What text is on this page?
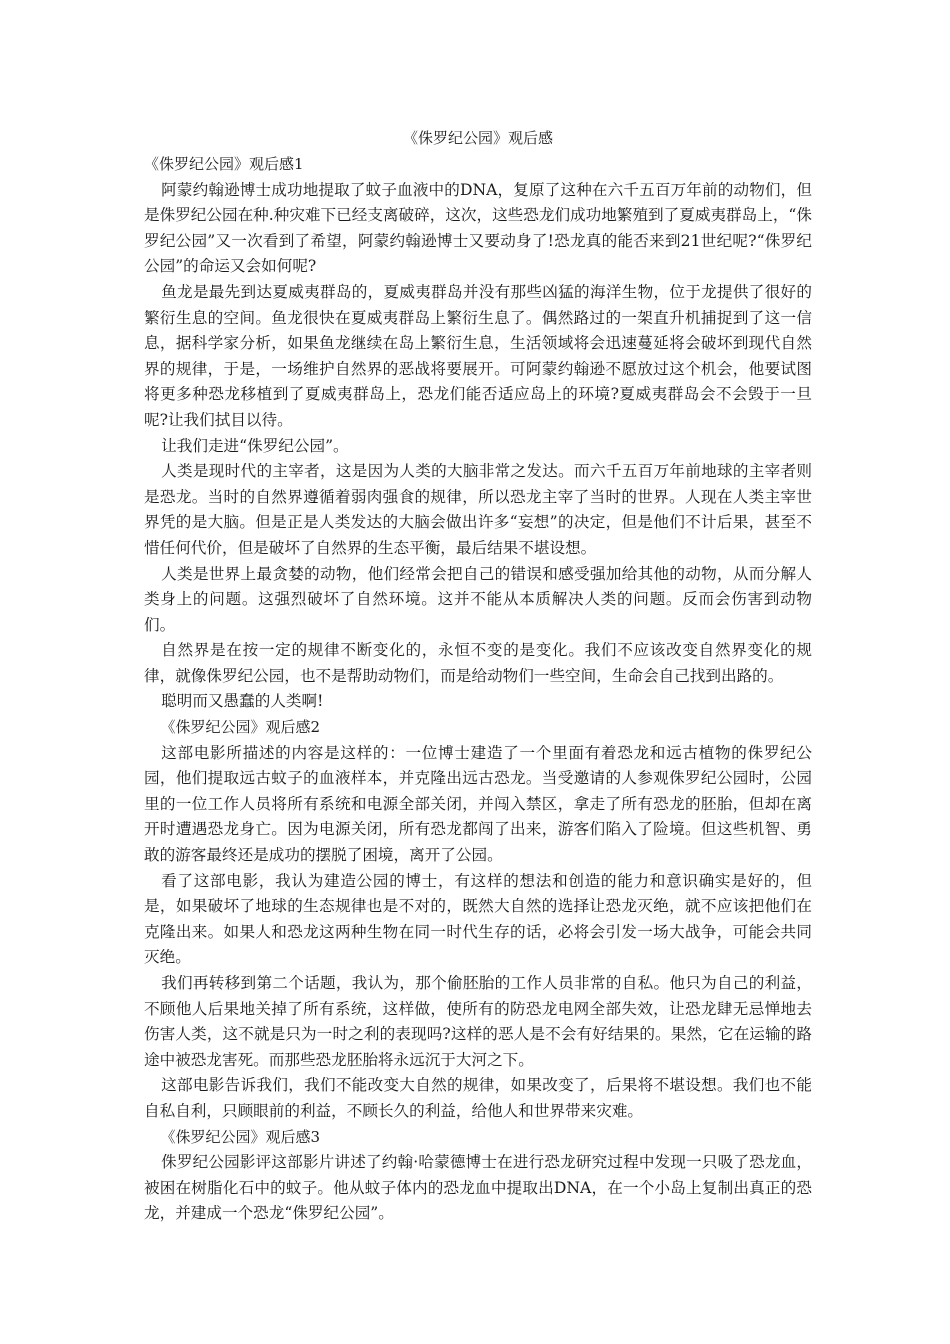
《侏罗纪公园》观后感
《侏罗纪公园》观后感1

阿蒙约翰逊博士成功地提取了蚊子血液中的DNA，复原了这种在六千五百万年前的动物们，但是侏罗纪公园在种.种灾难下已经支离破碎，这次，这些恐龙们成功地繁殖到了夏威夷群岛上，“侏罗纪公园”又一次看到了希望，阿蒙约翰逊博士又要动身了!恐龙真的能否来到21世纪呢?“侏罗纪公园”的命运又会如何呢?

鱼龙是最先到达夏威夷群岛的，夏威夷群岛并没有那些凶猛的海洋生物，位于龙提供了很好的繁衍生息的空间。鱼龙很快在夏威夷群岛上繁衍生息了。偶然路过的一架直升机捕捉到了这一信息，据科学家分析，如果鱼龙继续在岛上繁衍生息，生活领域将会迅速蔓延将会破坏到现代自然界的规律，于是，一场维护自然界的恶战将要展开。可阿蒙约翰逊不愿放过这个机会，他要试图将更多种恐龙移植到了夏威夷群岛上，恐龙们能否适应岛上的环境?夏威夷群岛会不会毁于一旦呢?让我们拭目以待。

让我们走进“侏罗纪公园”。

人类是现时代的主宰者，这是因为人类的大脑非常之发达。而六千五百万年前地球的主宰者则是恐龙。当时的自然界遵循着弱肉强食的规律，所以恐龙主宰了当时的世界。人现在人类主宰世界凭的是大脑。但是正是人类发达的大脑会做出许多“妄想”的决定，但是他们不计后果，甚至不惜任何代价，但是破坏了自然界的生态平衡，最后结果不堪设想。

人类是世界上最贪婪的动物，他们经常会把自己的错误和感受强加给其他的动物，从而分解人类身上的问题。这强烈破坏了自然环境。这并不能从本质解决人类的问题。反而会伤害到动物们。

自然界是在按一定的规律不断变化的，永恒不变的是变化。我们不应该改变自然界变化的规律，就像侏罗纪公园，也不是帮助动物们，而是给动物们一些空间，生命会自己找到出路的。

聪明而又愚蠢的人类啊!

《侏罗纪公园》观后感2

这部电影所描述的内容是这样的：一位博士建造了一个里面有着恐龙和远古植物的侏罗纪公园，他们提取远古蚊子的血液样本，并克隆出远古恐龙。当受邀请的人参观侏罗纪公园时，公园里的一位工作人员将所有系统和电源全部关闭，并闯入禁区，拿走了所有恐龙的胚胎，但却在离开时遭遇恐龙身亡。因为电源关闭，所有恐龙都闯了出来，游客们陷入了险境。但这些机智、勇敢的游客最终还是成功的摆脱了困境，离开了公园。

看了这部电影，我认为建造公园的博士，有这样的想法和创造的能力和意识确实是好的，但是，如果破坏了地球的生态规律也是不对的，既然大自然的选择让恐龙灭绝，就不应该把他们在克隆出来。如果人和恐龙这两种生物在同一时代生存的话，必将会引发一场大战争，可能会共同灭绝。

我们再转移到第二个话题，我认为，那个偷胚胎的工作人员非常的自私。他只为自己的利益，不顾他人后果地关掉了所有系统，这样做，使所有的防恐龙电网全部失效，让恐龙肆无忌惮地去伤害人类，这不就是只为一时之利的表现吗?这样的恶人是不会有好结果的。果然，它在运输的路途中被恐龙害死。而那些恐龙胚胎将永远沉于大河之下。

这部电影告诉我们，我们不能改变大自然的规律，如果改变了，后果将不堪设想。我们也不能自私自利，只顾眼前的利益，不顾长久的利益，给他人和世界带来灾难。

《侏罗纪公园》观后感3

侏罗纪公园影评这部影片讲述了约翰·哈蒙德博士在进行恐龙研究过程中发现一只吸了恐龙血，被困在树脂化石中的蚊子。他从蚊子体内的恐龙血中提取出DNA，在一个小岛上复制出真正的恐龙，并建成一个恐龙“侏罗纪公园”。
